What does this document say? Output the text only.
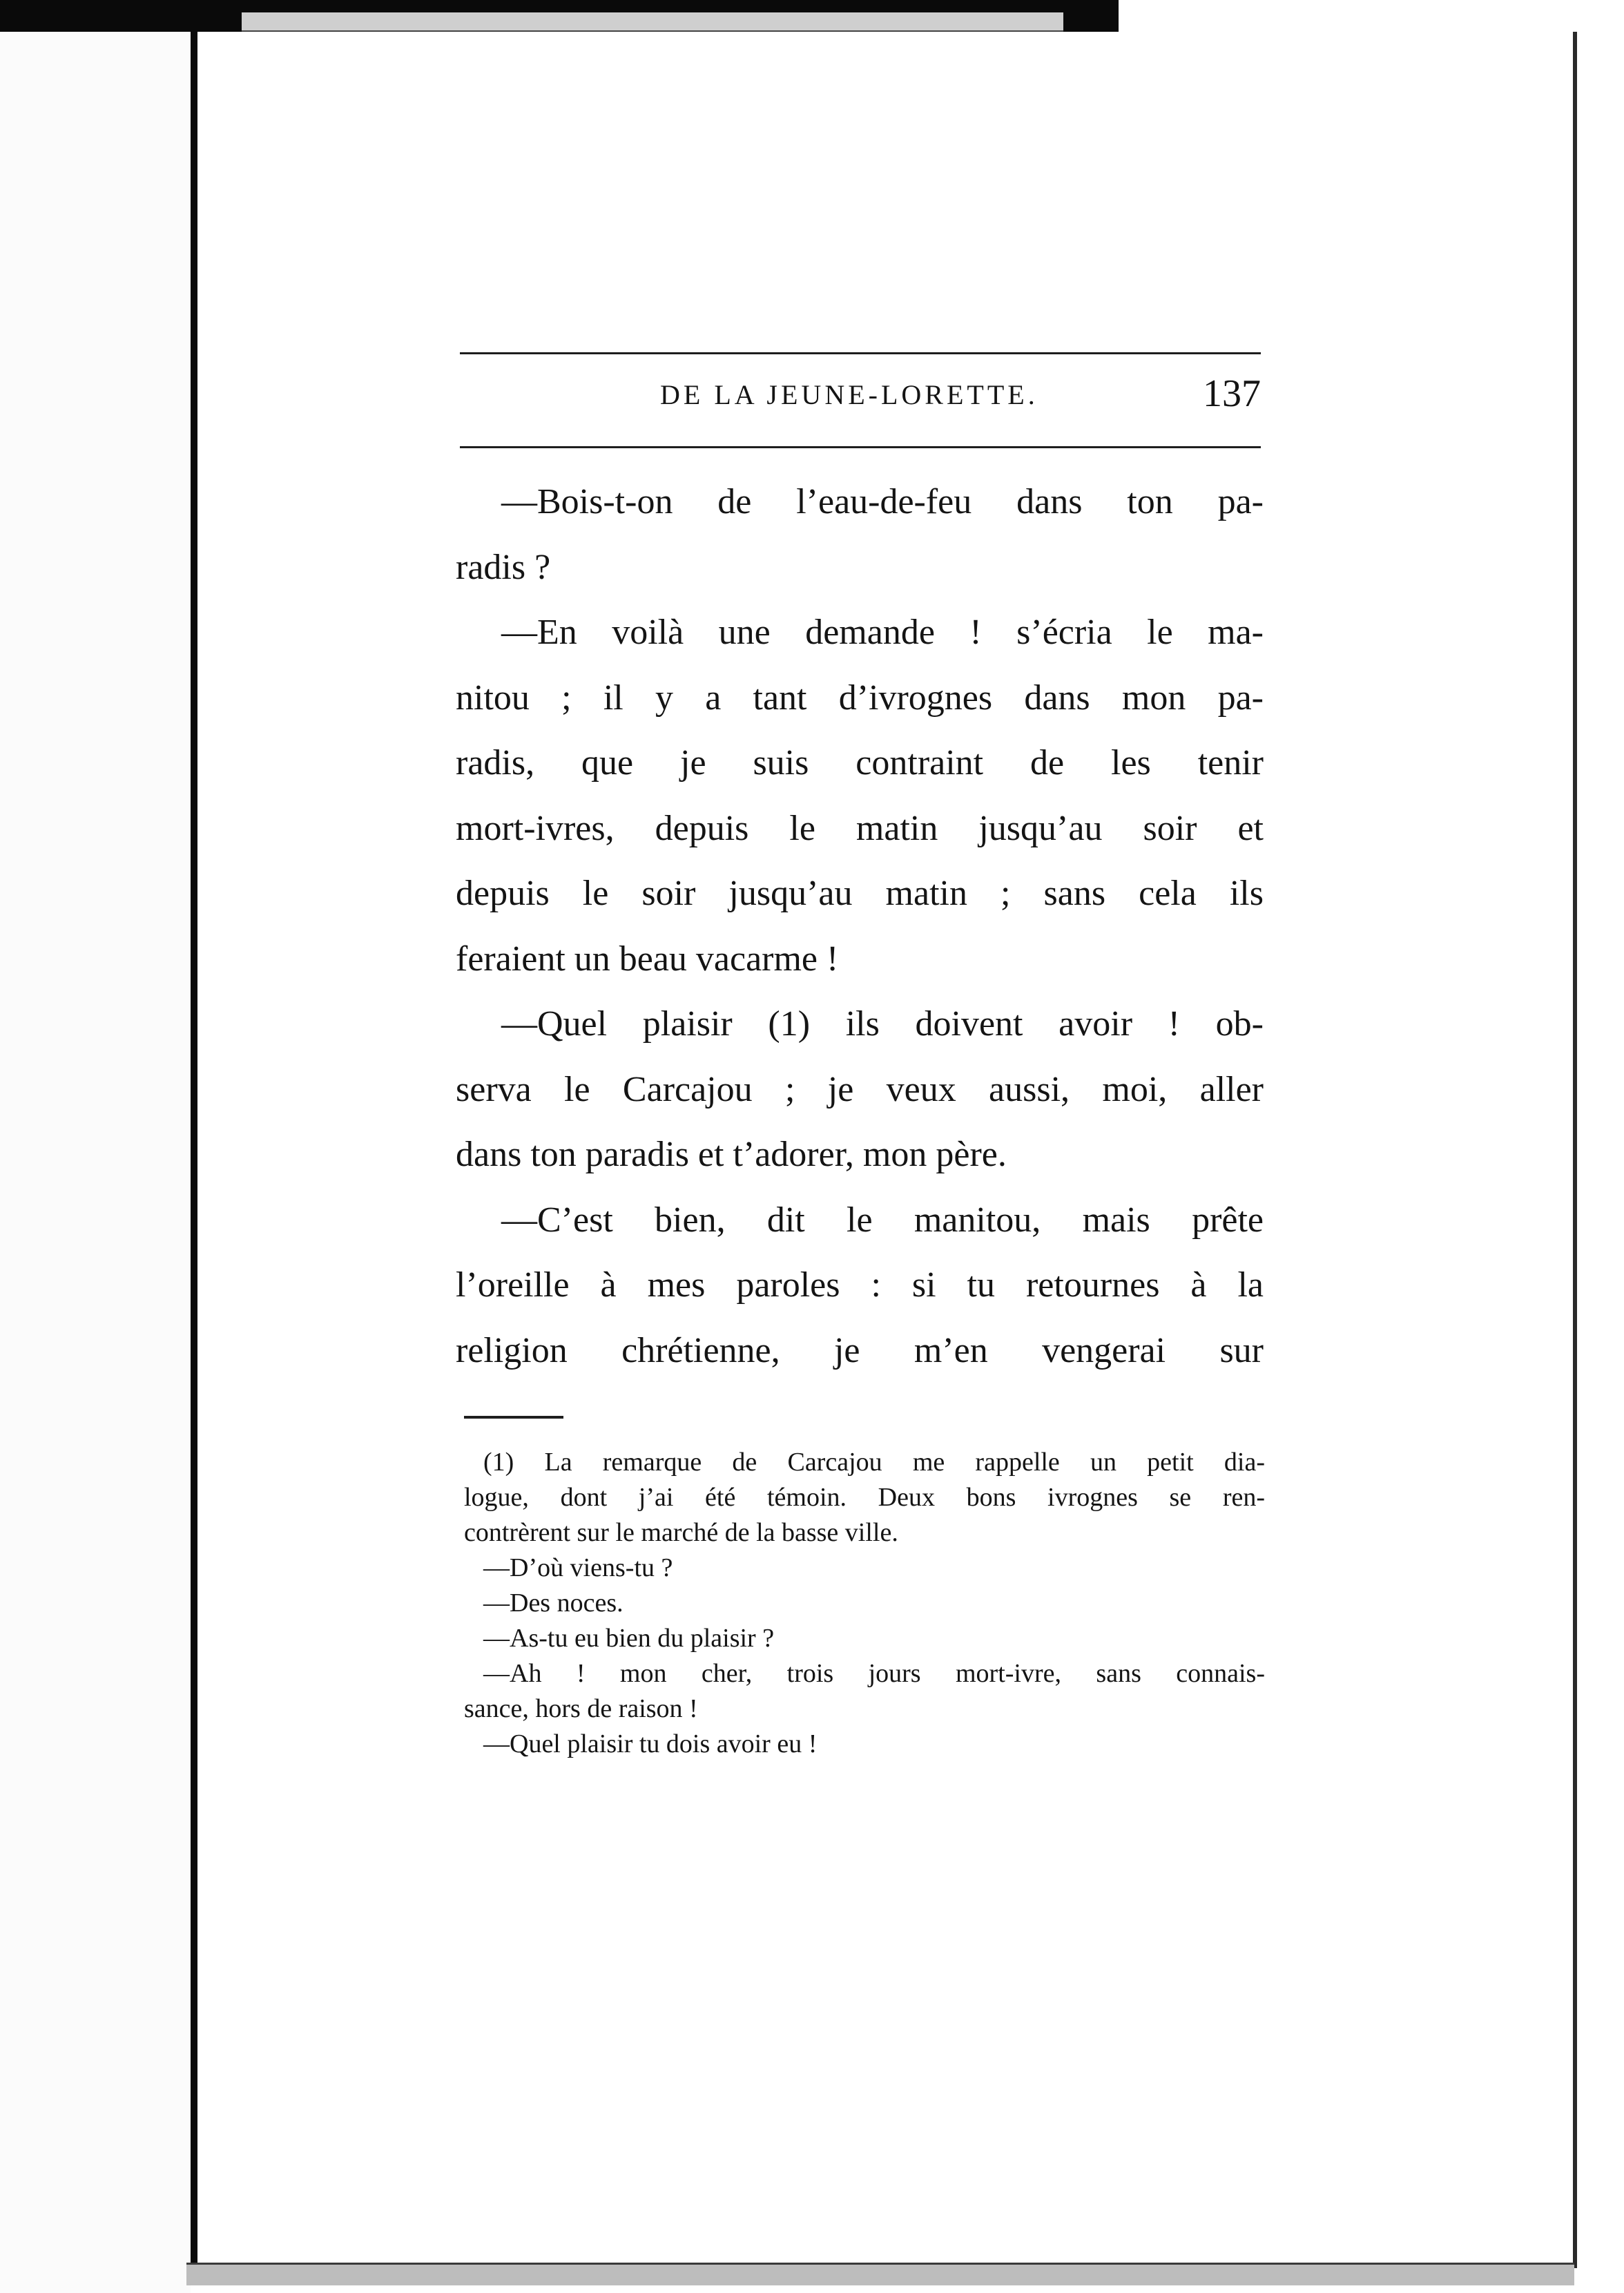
DE LA JEUNE-LORETTE.	137

—Bois-t-on de l’eau-de-feu dans ton pa-
radis ?

—En voilà une demande ! s’écria le ma-
nitou ; il y a tant d’ivrognes dans mon pa-
radis, que je suis contraint de les tenir
mort-ivres, depuis le matin jusqu’au soir et
depuis le soir jusqu’au matin ; sans cela ils
feraient un beau vacarme !

—Quel plaisir (1) ils doivent avoir ! ob-
serva le Carcajou ; je veux aussi, moi, aller
dans ton paradis et t’adorer, mon père.

—C’est bien, dit le manitou, mais prête
l’oreille à mes paroles : si tu retournes à la
religion chrétienne, je m’en vengerai sur

(1) La remarque de Carcajou me rappelle un petit dia-
logue, dont j’ai été témoin. Deux bons ivrognes se ren-
contrèrent sur le marché de la basse ville.
—D’où viens-tu ?
—Des noces.
—As-tu eu bien du plaisir ?
—Ah ! mon cher, trois jours mort-ivre, sans connais-
sance, hors de raison !
—Quel plaisir tu dois avoir eu !
